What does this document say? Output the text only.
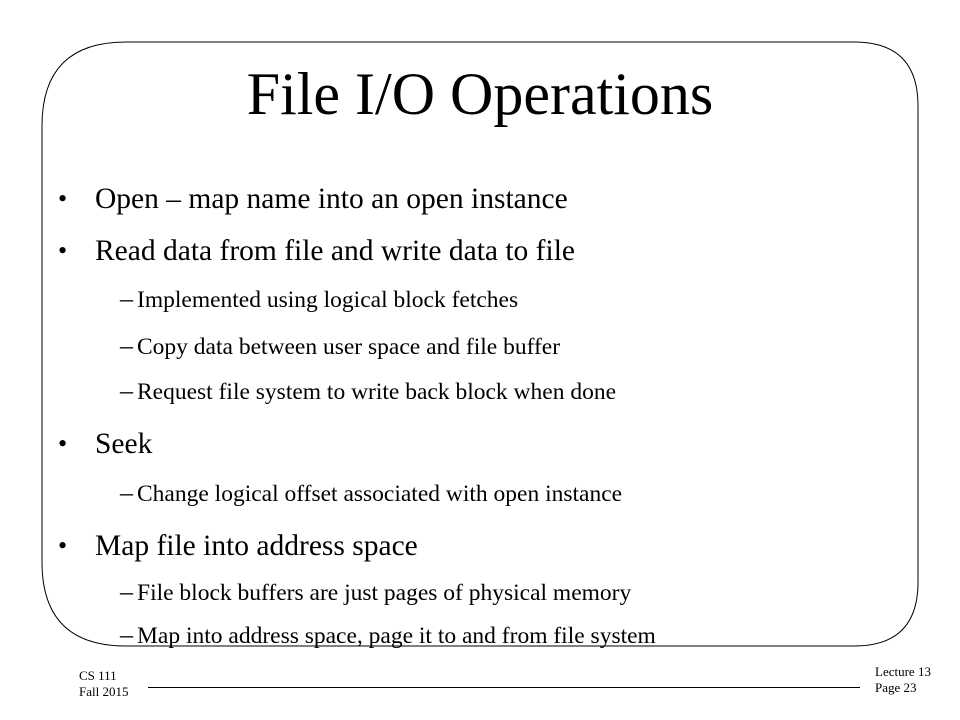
File I/O Operations
• Open – map name into an open instance
• Read data from file and write data to file
– Implemented using logical block fetches
– Copy data between user space and file buffer
– Request file system to write back block when done
• Seek
– Change logical offset associated with open instance
• Map file into address space
– File block buffers are just pages of physical memory
– Map into address space, page it to and from file system
CS 111
Fall 2015
Lecture 13
Page 23
